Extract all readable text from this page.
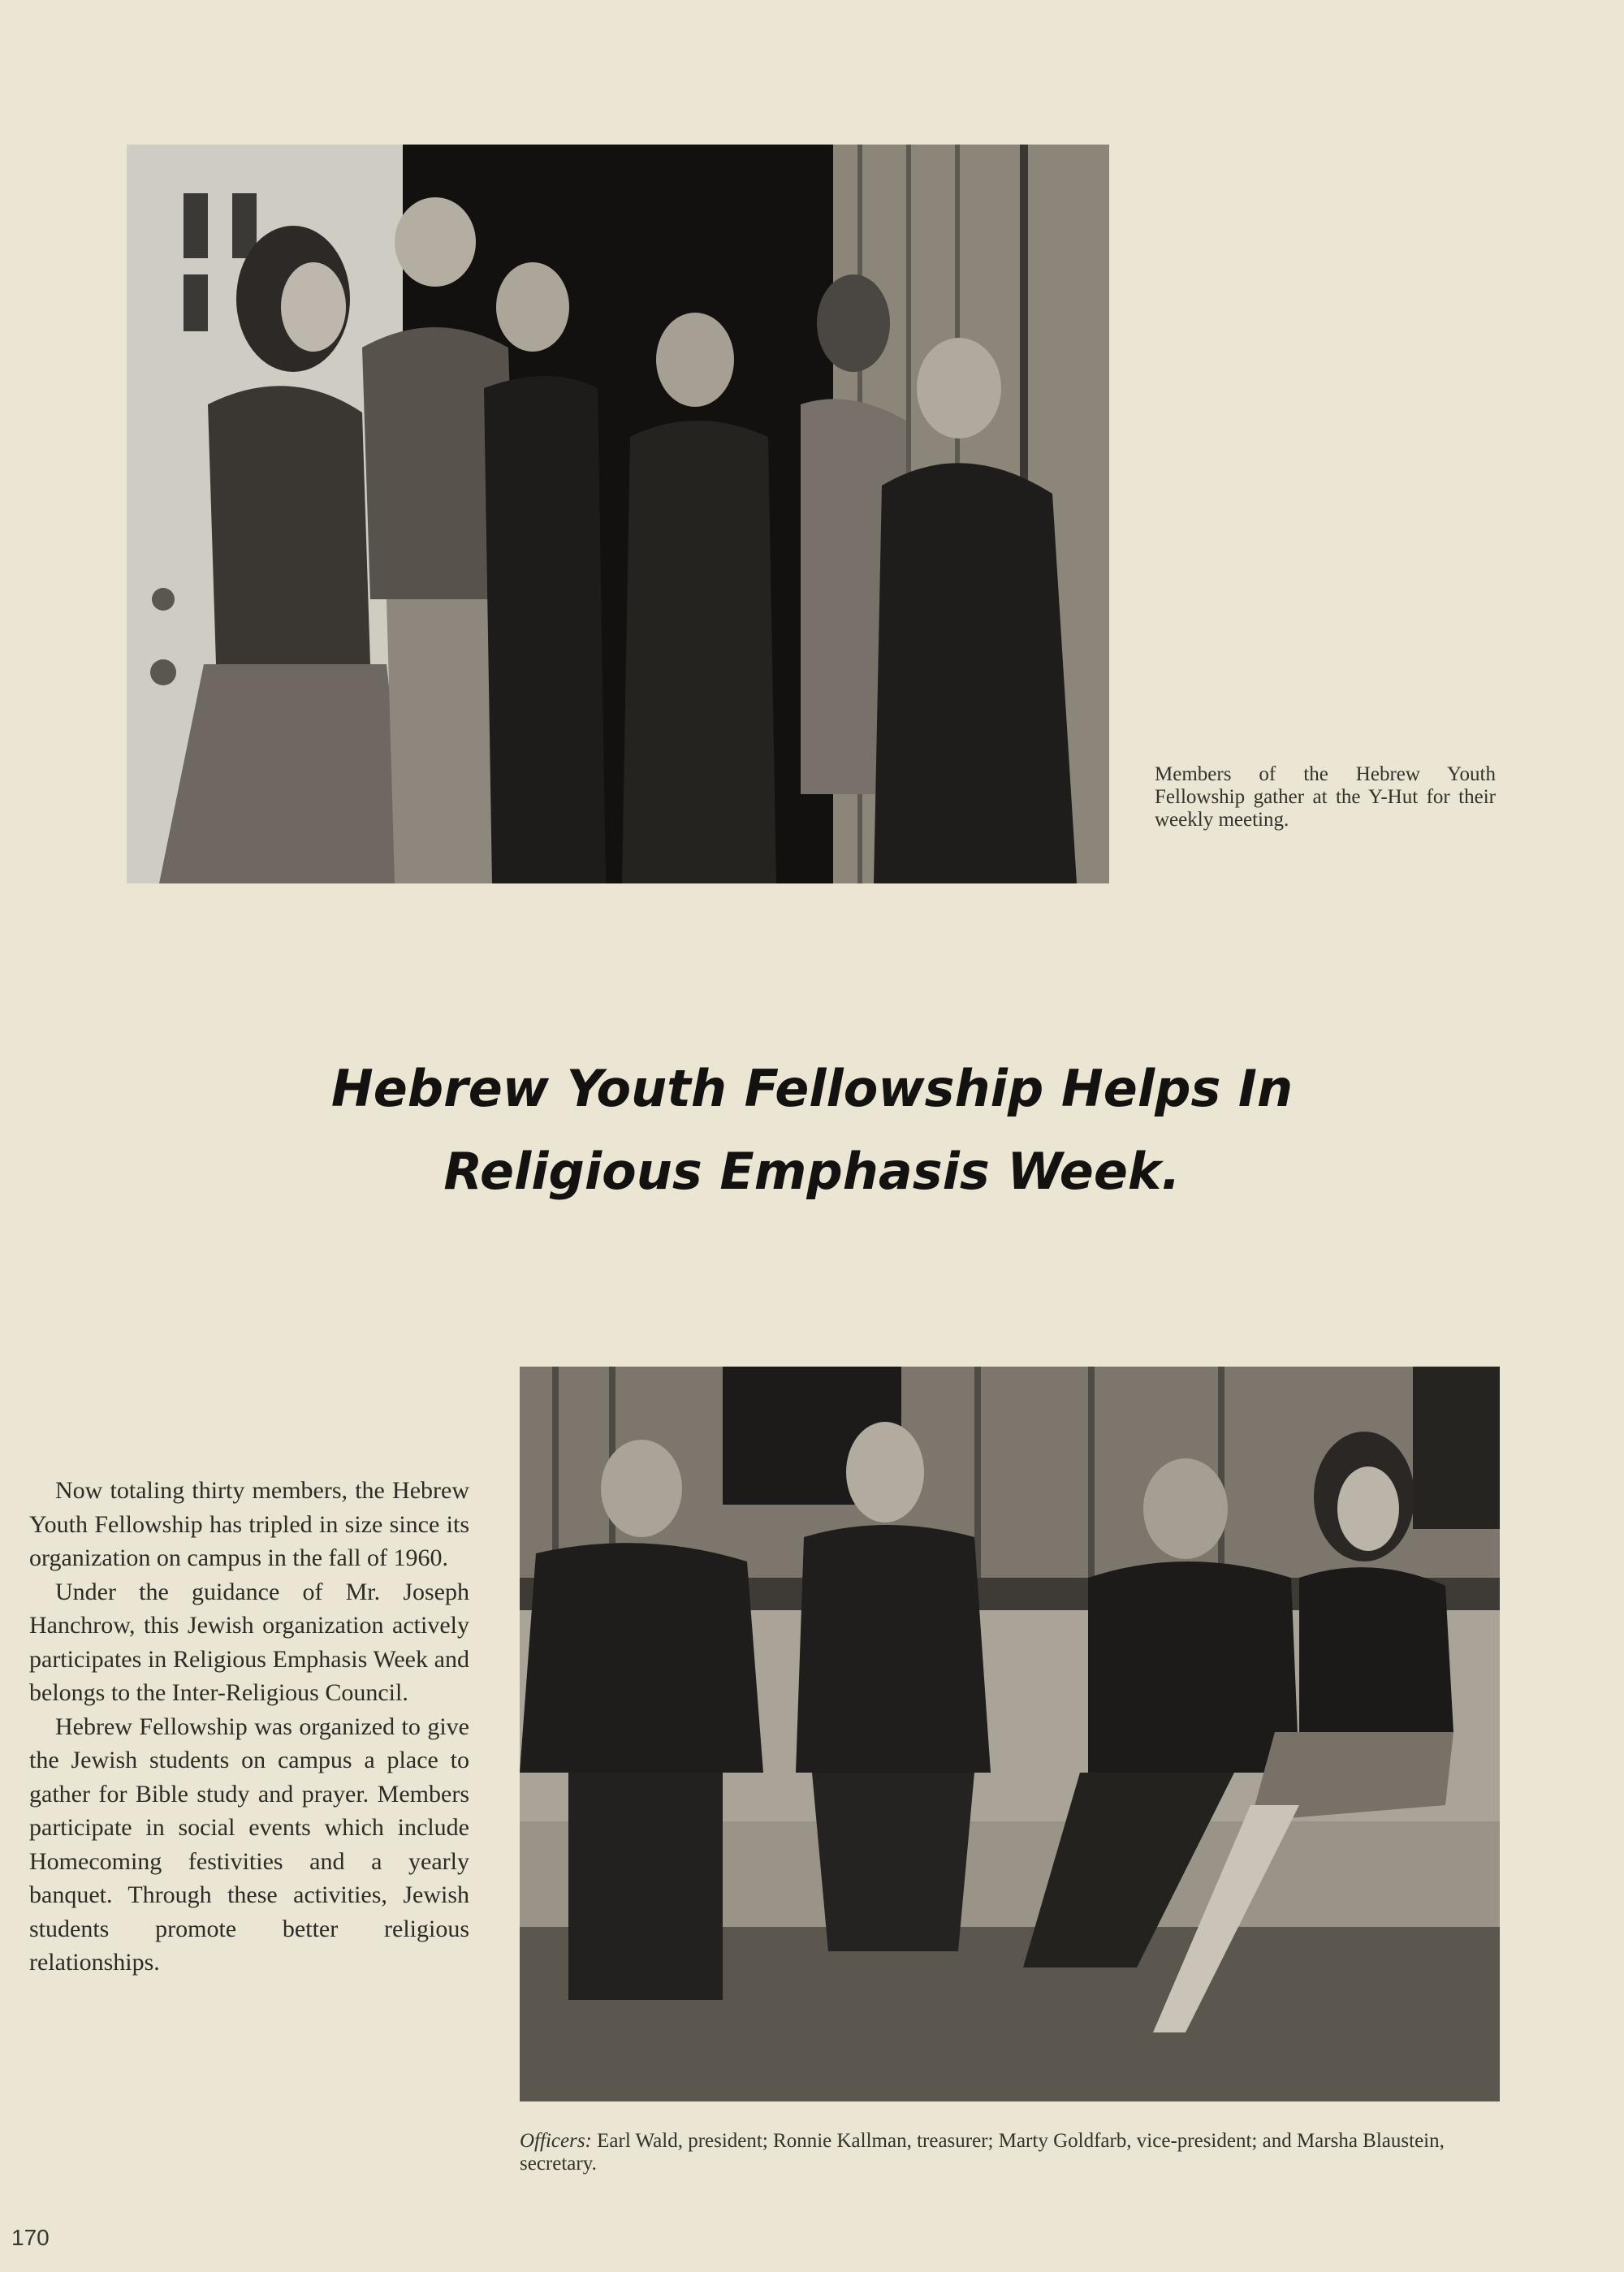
Members of the Hebrew Youth Fellowship gather at the Y-Hut for their weekly meeting.
Hebrew Youth Fellowship Helps In
Religious Emphasis Week.

Now totaling thirty members, the Hebrew Youth Fellowship has tripled in size since its organization on campus in the fall of 1960.

Under the guidance of Mr. Joseph Hanchrow, this Jewish organization actively participates in Religious Emphasis Week and belongs to the Inter-Religious Council.

Hebrew Fellowship was organized to give the Jewish students on campus a place to gather for Bible study and prayer. Members participate in social events which include Homecoming festivities and a yearly banquet. Through these activities, Jewish students promote better religious relationships.

Officers: Earl Wald, president; Ronnie Kallman, treasurer; Marty Goldfarb, vice-president; and Marsha Blaustein, secretary.
170
